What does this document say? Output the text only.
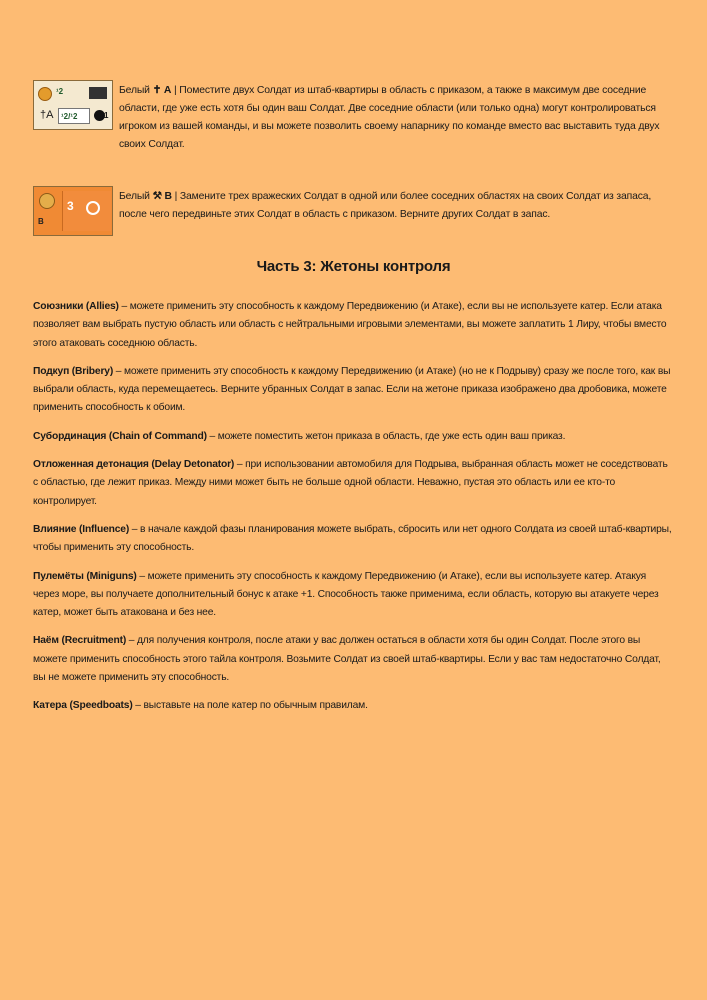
¹2
†A ¹2/¹2	1
Белый ✝ A | Поместите двух Солдат из штаб-квартиры в область с приказом, а также в максимум две соседние области, где уже есть хотя бы один ваш Солдат. Две соседние области (или только одна) могут контролироваться игроком из вашей команды, и вы можете позволить своему напарнику по команде вместо вас выставить туда двух своих Солдат.
B
3
Белый ⚒ B | Замените трех вражеских Солдат в одной или более соседних областях на своих Солдат из запаса, после чего передвиньте этих Солдат в область с приказом. Верните других Солдат в запас.
Часть 3: Жетоны контроля

Союзники (Allies) – можете применить эту способность к каждому Передвижению (и Атаке), если вы не используете катер. Если атака позволяет вам выбрать пустую область или область с нейтральными игровыми элементами, вы можете заплатить 1 Лиру, чтобы вместо этого атаковать соседнюю область.

Подкуп (Bribery) – можете применить эту способность к каждому Передвижению (и Атаке) (но не к Подрыву) сразу же после того, как вы выбрали область, куда перемещаетесь. Верните убранных Солдат в запас. Если на жетоне приказа изображено два дробовика, можете применить способность к обоим.

Субординация (Chain of Command) – можете поместить жетон приказа в область, где уже есть один ваш приказ.

Отложенная детонация (Delay Detonator) – при использовании автомобиля для Подрыва, выбранная область может не соседствовать с областью, где лежит приказ. Между ними может быть не больше одной области. Неважно, пустая это область или ее кто-то контролирует.

Влияние (Influence) – в начале каждой фазы планирования можете выбрать, сбросить или нет одного Солдата из своей штаб-квартиры, чтобы применить эту способность.

Пулемёты (Miniguns) – можете применить эту способность к каждому Передвижению (и Атаке), если вы используете катер. Атакуя через море, вы получаете дополнительный бонус к атаке +1. Способность также применима, если область, которую вы атакуете через катер, может быть атакована и без нее.

Наём (Recruitment) – для получения контроля, после атаки у вас должен остаться в области хотя бы один Солдат. После этого вы можете применить способность этого тайла контроля. Возьмите Солдат из своей штаб-квартиры. Если у вас там недостаточно Солдат, вы не можете применить эту способность.

Катера (Speedboats) – выставьте на поле катер по обычным правилам.
